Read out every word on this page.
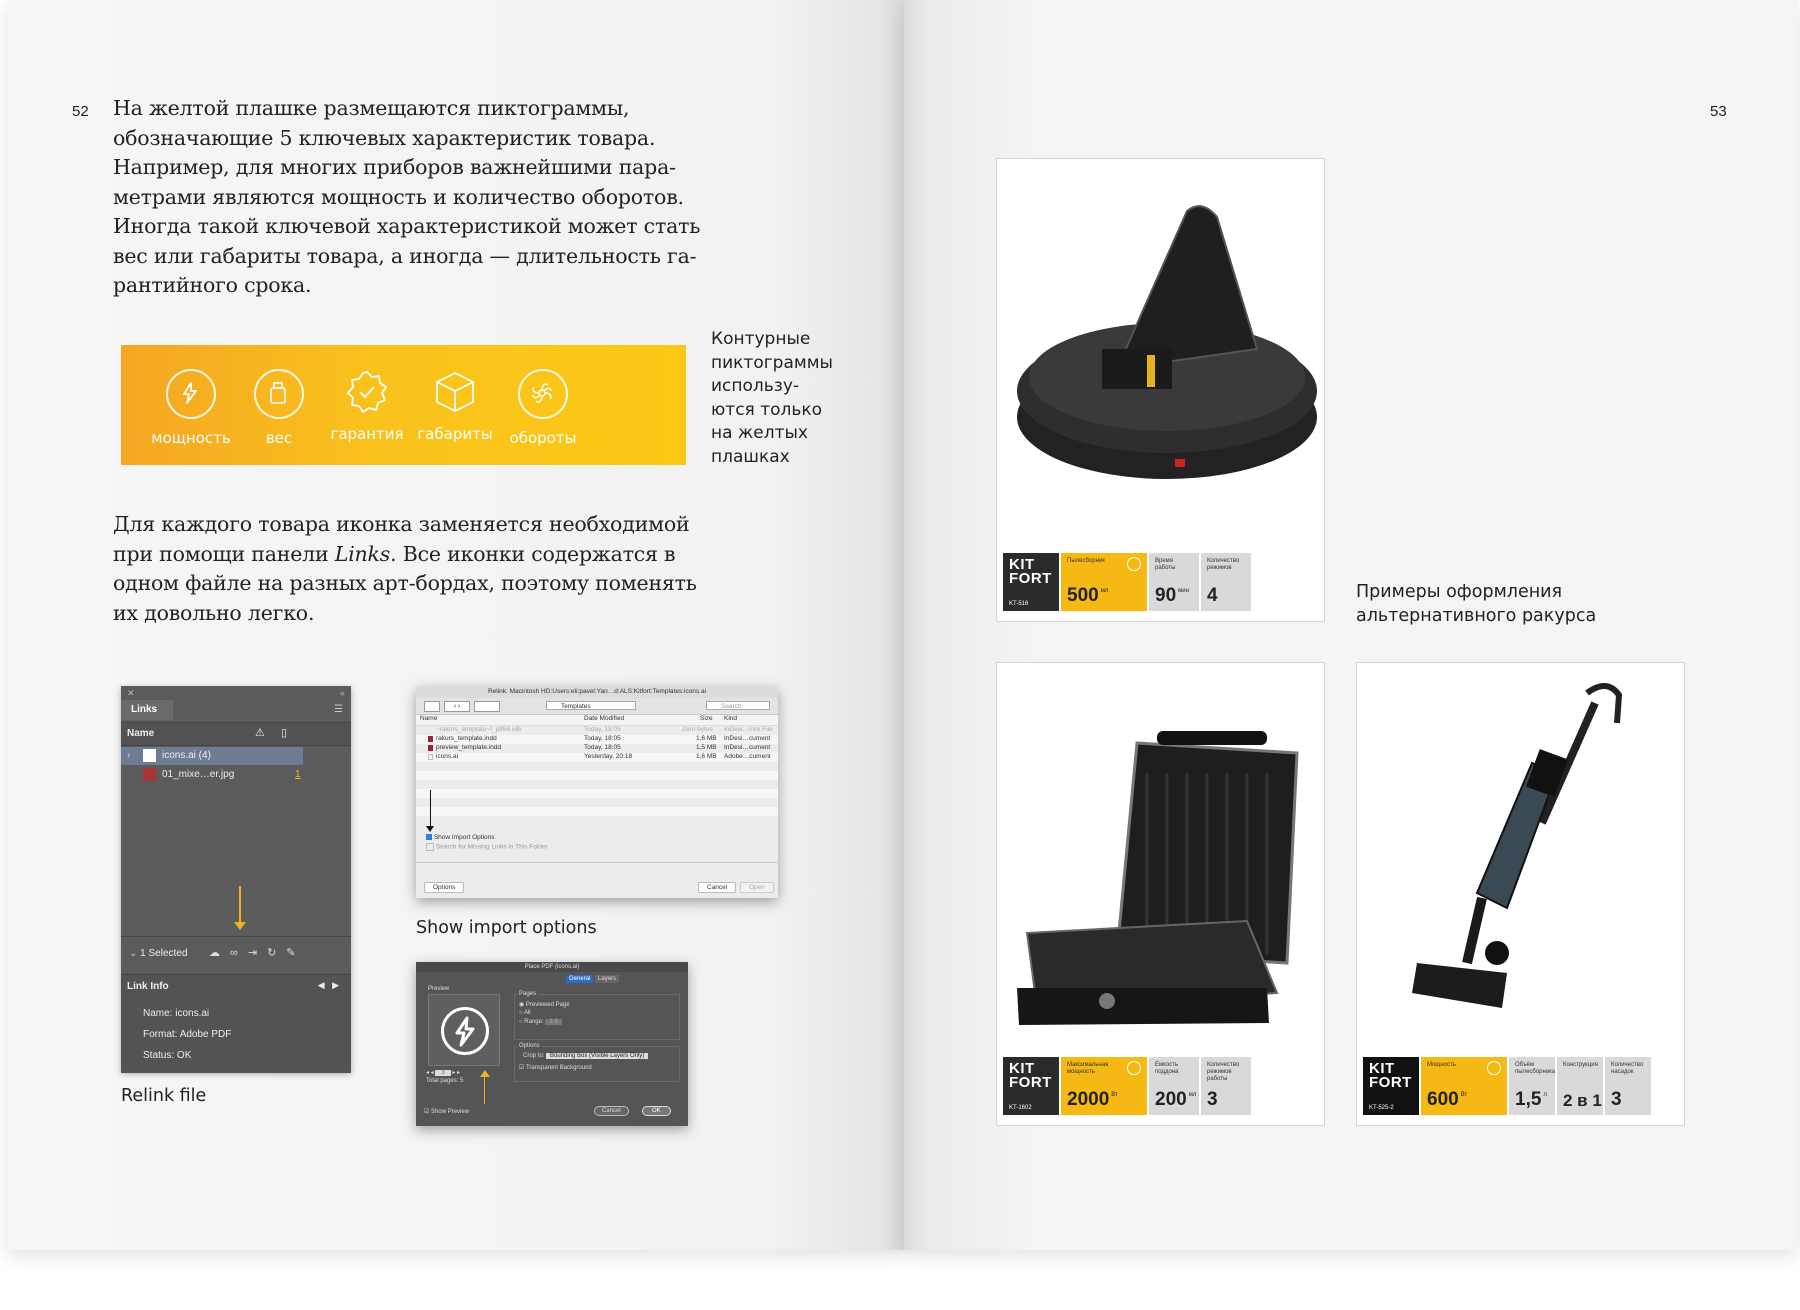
52 На желтой плашке размещаются пиктограммы,
обозначающие 5 ключевых характеристик товара.
Например, для многих приборов важнейшими пара-
метрами являются мощность и количество оборотов.
Иногда такой ключевой характеристикой может стать
вес или габариты товара, а иногда — длительность га-
рантийного срока.
мощность	вес	гарантия габариты	обороты
Контурные
пиктограммы
использу-
ются только
на желтых
плашках
Для каждого товара иконка заменяется необходимой
при помощи панели Links. Все иконки содержатся в
одном файле на разных арт-бордах, поэтому поменять
их довольно легко.
✕	«
Links	☰
Name	⚠ ▯
›	icons.ai (4)
01_mixe…er.jpg	1
⌄ 1 Selected ☁∞⇥↻✎
Link Info	◀   ▶
Name: icons.ai
Format: Adobe PDF
Status: OK
Relink file
Relink: Macintosh HD:Users:eli:pavel:Yan…d:ALS:Kitfort:Templates:icons.ai
‹ ›	Templates	Search
Name	Date Modified	Size Kind
~rakurs_template~f_p858.idlk	Today, 18:05	Zero bytes InDesi…lock File
rakurs_template.indd	Today, 18:05	1,6 MB InDesi…cument
preview_template.indd	Today, 18:05	1,5 MB InDesi…cument
icons.ai	Yesterday, 20:18	1,6 MB Adobe…cument
Show Import Options
Search for Missing Links in This Folder
Options	Cancel	Open
Show import options
Place PDF (icons.ai)
General Layers
Preview
◂ ◂ 3 ▸ ▸
Total pages: 5
Pages
◉ Previewed Page
○ All
○ Range: 1-5
Options
Crop to: Bounding Box (Visible Layers Only)
☑ Transparent Background
☑ Show Preview	Cancel	OK
53
KIT FORT
KT-516
Пылесборник
500 $^{мл}$
Время работы
90 $^{мин}$
Количество режимов
4	Примеры оформления
альтернативного ракурса
KIT FORT
KT-1602
Максимальная мощность
2000 $^{Вт}$
Емкость поддона
200 $^{мл}$
Количество режимов работы
3
KIT FORT
KT-525-2
Мощность
600 $^{Вт}$
Объём пылесборника
1,5 $^л$
Конструкция
2 в 1
Количество насадок
3
